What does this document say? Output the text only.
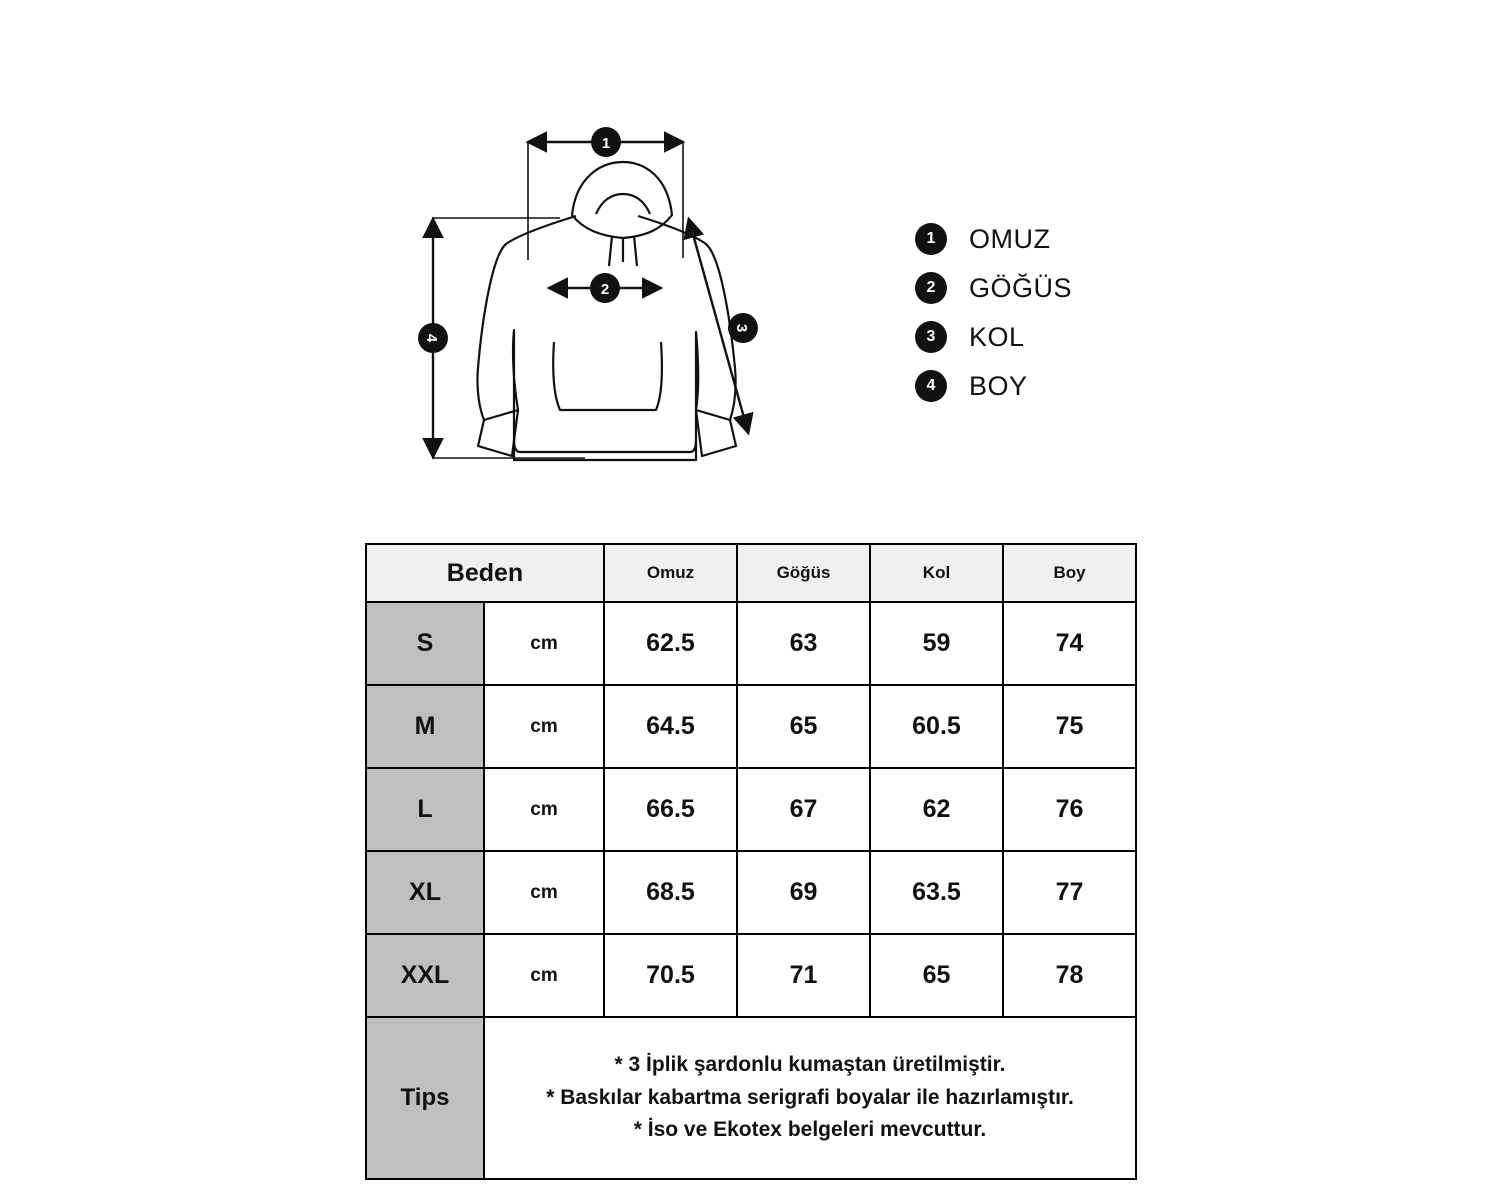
1
2
3
4
1	OMUZ
2	GÖĞÜS
3	KOL
4	BOY
Beden		Omuz	Göğüs	Kol	Boy
S	cm	62.5	63	59	74
M	cm	64.5	65	60.5	75
L	cm	66.5	67	62	76
XL	cm	68.5	69	63.5	77
XXL	cm	70.5	71	65	78
Tips	* 3 İplik şardonlu kumaştan üretilmiştir.
* Baskılar kabartma serigrafi boyalar ile hazırlamıştır.
* İso ve Ekotex belgeleri mevcuttur.				
